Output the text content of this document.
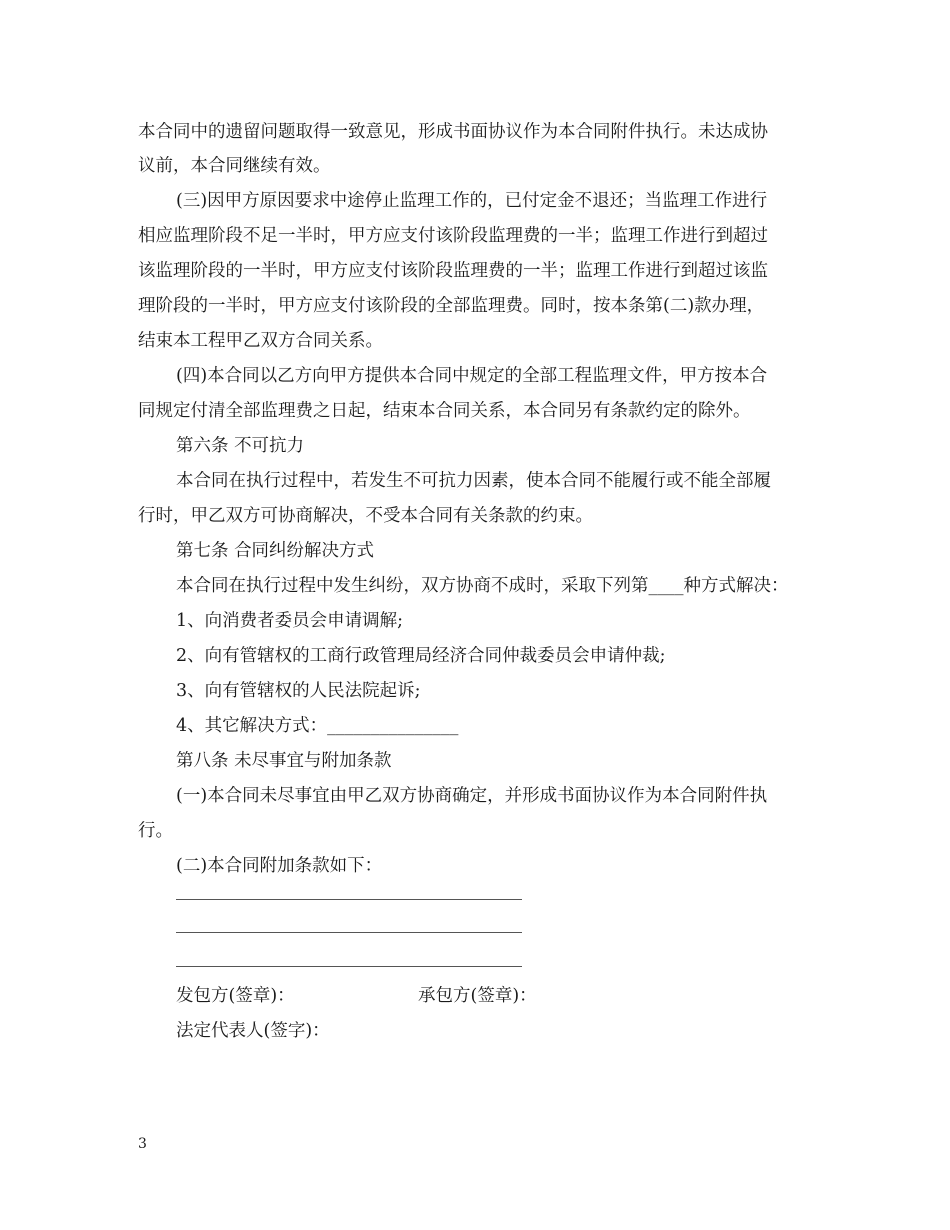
本合同中的遗留问题取得一致意见，形成书面协议作为本合同附件执行。未达成协
议前，本合同继续有效。
(三)因甲方原因要求中途停止监理工作的，已付定金不退还；当监理工作进行
相应监理阶段不足一半时，甲方应支付该阶段监理费的一半；监理工作进行到超过
该监理阶段的一半时，甲方应支付该阶段监理费的一半；监理工作进行到超过该监
理阶段的一半时，甲方应支付该阶段的全部监理费。同时，按本条第(二)款办理，
结束本工程甲乙双方合同关系。
(四)本合同以乙方向甲方提供本合同中规定的全部工程监理文件，甲方按本合
同规定付清全部监理费之日起，结束本合同关系，本合同另有条款约定的除外。
第六条 不可抗力
本合同在执行过程中，若发生不可抗力因素，使本合同不能履行或不能全部履
行时，甲乙双方可协商解决，不受本合同有关条款的约束。
第七条 合同纠纷解决方式
本合同在执行过程中发生纠纷，双方协商不成时，采取下列第____种方式解决：
1、向消费者委员会申请调解;
2、向有管辖权的工商行政管理局经济合同仲裁委员会申请仲裁;
3、向有管辖权的人民法院起诉;
4、其它解决方式：_______________
第八条 未尽事宜与附加条款
(一)本合同未尽事宜由甲乙双方协商确定，并形成书面协议作为本合同附件执
行。
(二)本合同附加条款如下：
发包方(签章)：	承包方(签章)：
法定代表人(签字)：
3
